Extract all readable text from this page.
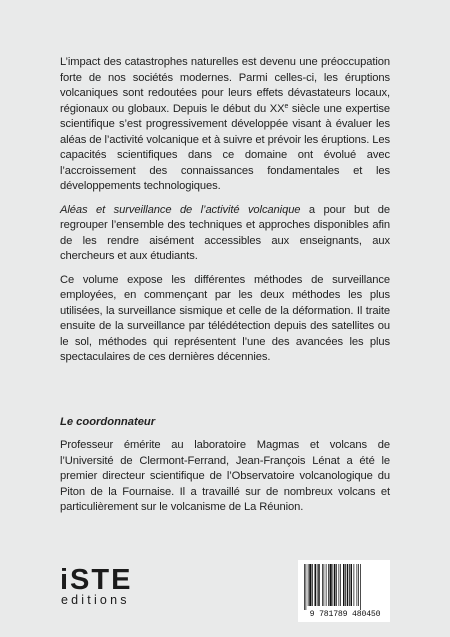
L’impact des catastrophes naturelles est devenu une préoccupation forte de nos sociétés modernes. Parmi celles-ci, les éruptions volcaniques sont redoutées pour leurs effets dévastateurs locaux, régionaux ou globaux. Depuis le début du XXe siècle une expertise scientifique s’est progressivement développée visant à évaluer les aléas de l’activité volcanique et à suivre et prévoir les éruptions. Les capacités scientifiques dans ce domaine ont évolué avec l’accroissement des connaissances fondamentales et les développements technologiques.

Aléas et surveillance de l’activité volcanique a pour but de regrouper l’ensemble des techniques et approches disponibles afin de les rendre aisément accessibles aux enseignants, aux chercheurs et aux étudiants.

Ce volume expose les différentes méthodes de surveillance employées, en commençant par les deux méthodes les plus utilisées, la surveillance sismique et celle de la déformation. Il traite ensuite de la surveillance par télédétection depuis des satellites ou le sol, méthodes qui représentent l’une des avancées les plus spectaculaires de ces dernières décennies.

Le coordonnateur

Professeur émérite au laboratoire Magmas et volcans de l’Université de Clermont-Ferrand, Jean-François Lénat a été le premier directeur scientifique de l’Observatoire volcanologique du Piton de la Fournaise. Il a travaillé sur de nombreux volcans et particulièrement sur le volcanisme de La Réunion.

iSTE
editions
9 781789 480450
